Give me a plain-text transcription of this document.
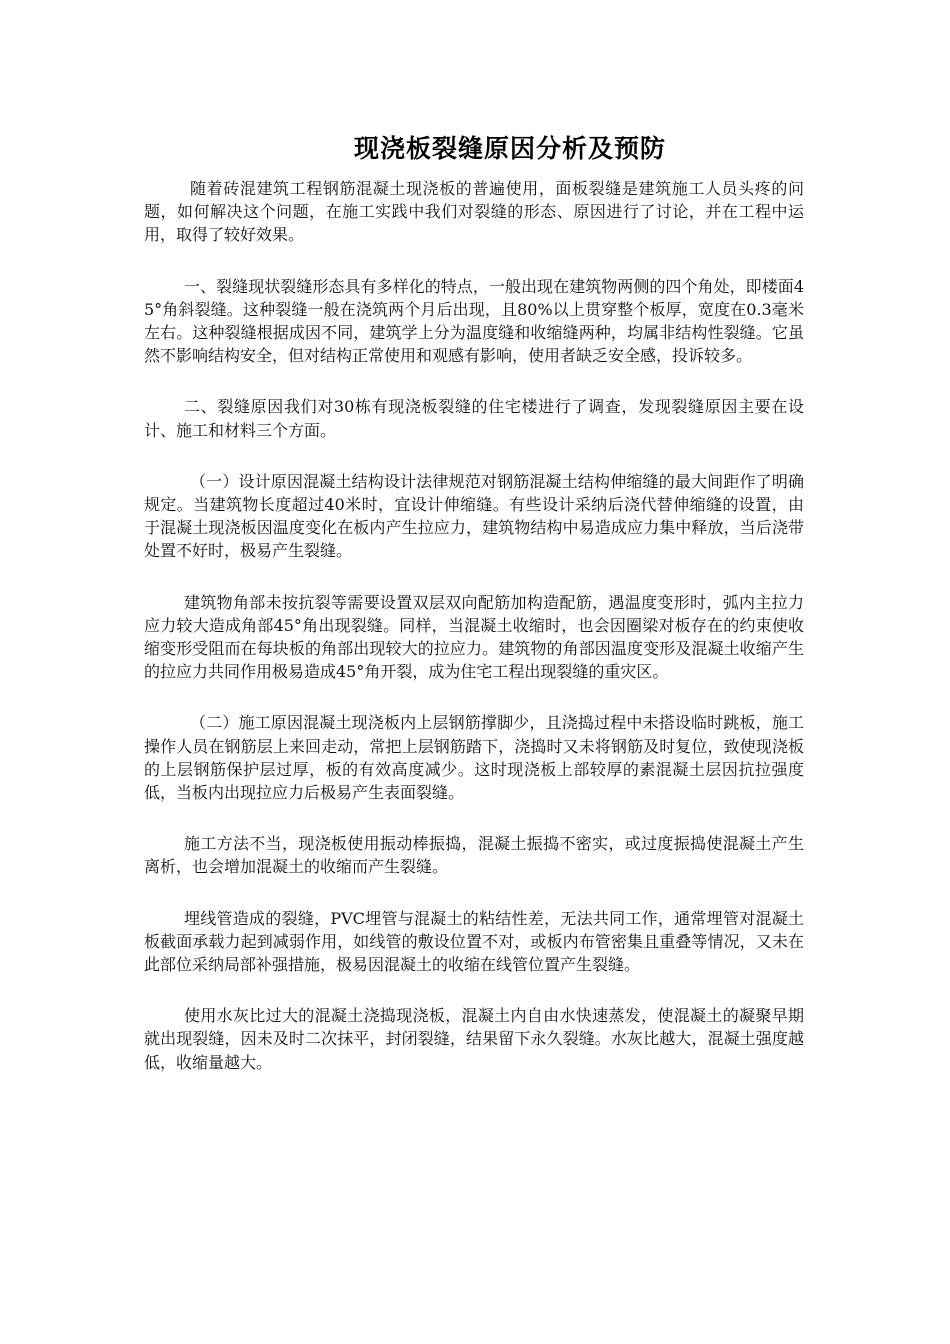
现浇板裂缝原因分析及预防

随着砖混建筑工程钢筋混凝土现浇板的普遍使用，面板裂缝是建筑施工人员头疼的问题，如何解决这个问题，在施工实践中我们对裂缝的形态、原因进行了讨论，并在工程中运用，取得了较好效果。

一、裂缝现状裂缝形态具有多样化的特点，一般出现在建筑物两侧的四个角处，即楼面45°角斜裂缝。这种裂缝一般在浇筑两个月后出现，且80%以上贯穿整个板厚，宽度在0.3毫米左右。这种裂缝根据成因不同，建筑学上分为温度缝和收缩缝两种，均属非结构性裂缝。它虽然不影响结构安全，但对结构正常使用和观感有影响，使用者缺乏安全感，投诉较多。

二、裂缝原因我们对30栋有现浇板裂缝的住宅楼进行了调查，发现裂缝原因主要在设计、施工和材料三个方面。

（一）设计原因混凝土结构设计法律规范对钢筋混凝土结构伸缩缝的最大间距作了明确规定。当建筑物长度超过40米时，宜设计伸缩缝。有些设计采纳后浇代替伸缩缝的设置，由于混凝土现浇板因温度变化在板内产生拉应力，建筑物结构中易造成应力集中释放，当后浇带处置不好时，极易产生裂缝。

建筑物角部未按抗裂等需要设置双层双向配筋加构造配筋，遇温度变形时，弧内主拉力应力较大造成角部45°角出现裂缝。同样，当混凝土收缩时，也会因圈梁对板存在的约束使收缩变形受阻而在每块板的角部出现较大的拉应力。建筑物的角部因温度变形及混凝土收缩产生的拉应力共同作用极易造成45°角开裂，成为住宅工程出现裂缝的重灾区。

（二）施工原因混凝土现浇板内上层钢筋撑脚少，且浇捣过程中未搭设临时跳板，施工操作人员在钢筋层上来回走动，常把上层钢筋踏下，浇捣时又未将钢筋及时复位，致使现浇板的上层钢筋保护层过厚，板的有效高度减少。这时现浇板上部较厚的素混凝土层因抗拉强度低，当板内出现拉应力后极易产生表面裂缝。

施工方法不当，现浇板使用振动棒振捣，混凝土振捣不密实，或过度振捣使混凝土产生离析，也会增加混凝土的收缩而产生裂缝。

埋线管造成的裂缝，PVC埋管与混凝土的粘结性差，无法共同工作，通常埋管对混凝土板截面承载力起到减弱作用，如线管的敷设位置不对，或板内布管密集且重叠等情况，又未在此部位采纳局部补强措施，极易因混凝土的收缩在线管位置产生裂缝。

使用水灰比过大的混凝土浇捣现浇板，混凝土内自由水快速蒸发，使混凝土的凝聚早期就出现裂缝，因未及时二次抹平，封闭裂缝，结果留下永久裂缝。水灰比越大，混凝土强度越低，收缩量越大。
